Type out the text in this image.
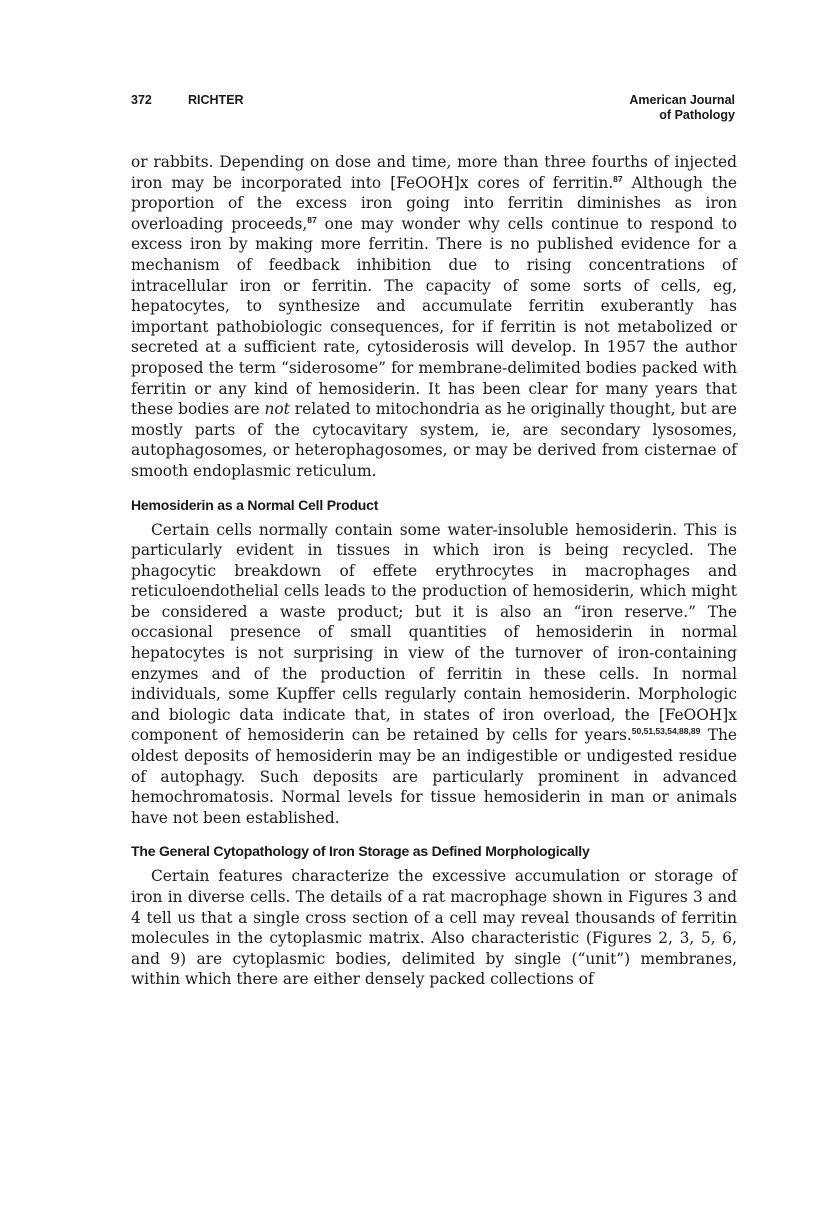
372	RICHTER	American Journal
of Pathology

or rabbits. Depending on dose and time, more than three fourths of injected iron may be incorporated into [FeOOH]x cores of ferritin.$^{87}$ Although the proportion of the excess iron going into ferritin diminishes as iron overloading proceeds,$^{87}$ one may wonder why cells continue to respond to excess iron by making more ferritin. There is no published evidence for a mechanism of feedback inhibition due to rising concentrations of intracellular iron or ferritin. The capacity of some sorts of cells, eg, hepatocytes, to synthesize and accumulate ferritin exuberantly has important pathobiologic consequences, for if ferritin is not metabolized or secreted at a sufficient rate, cytosiderosis will develop. In 1957 the author proposed the term “siderosome” for membrane-delimited bodies packed with ferritin or any kind of hemosiderin. It has been clear for many years that these bodies are not related to mitochondria as he originally thought, but are mostly parts of the cytocavitary system, ie, are secondary lysosomes, autophagosomes, or heterophagosomes, or may be derived from cisternae of smooth endoplasmic reticulum.

Hemosiderin as a Normal Cell Product

Certain cells normally contain some water-insoluble hemosiderin. This is particularly evident in tissues in which iron is being recycled. The phagocytic breakdown of effete erythrocytes in macrophages and reticuloendothelial cells leads to the production of hemosiderin, which might be considered a waste product; but it is also an “iron reserve.” The occasional presence of small quantities of hemosiderin in normal hepatocytes is not surprising in view of the turnover of iron-containing enzymes and of the production of ferritin in these cells. In normal individuals, some Kupffer cells regularly contain hemosiderin. Morphologic and biologic data indicate that, in states of iron overload, the [FeOOH]x component of hemosiderin can be retained by cells for years.$^{50,51,53,54,88,89}$ The oldest deposits of hemosiderin may be an indigestible or undigested residue of autophagy. Such deposits are particularly prominent in advanced hemochromatosis. Normal levels for tissue hemosiderin in man or animals have not been established.

The General Cytopathology of Iron Storage as Defined Morphologically

Certain features characterize the excessive accumulation or storage of iron in diverse cells. The details of a rat macrophage shown in Figures 3 and 4 tell us that a single cross section of a cell may reveal thousands of ferritin molecules in the cytoplasmic matrix. Also characteristic (Figures 2, 3, 5, 6, and 9) are cytoplasmic bodies, delimited by single (“unit”) membranes, within which there are either densely packed collections of
